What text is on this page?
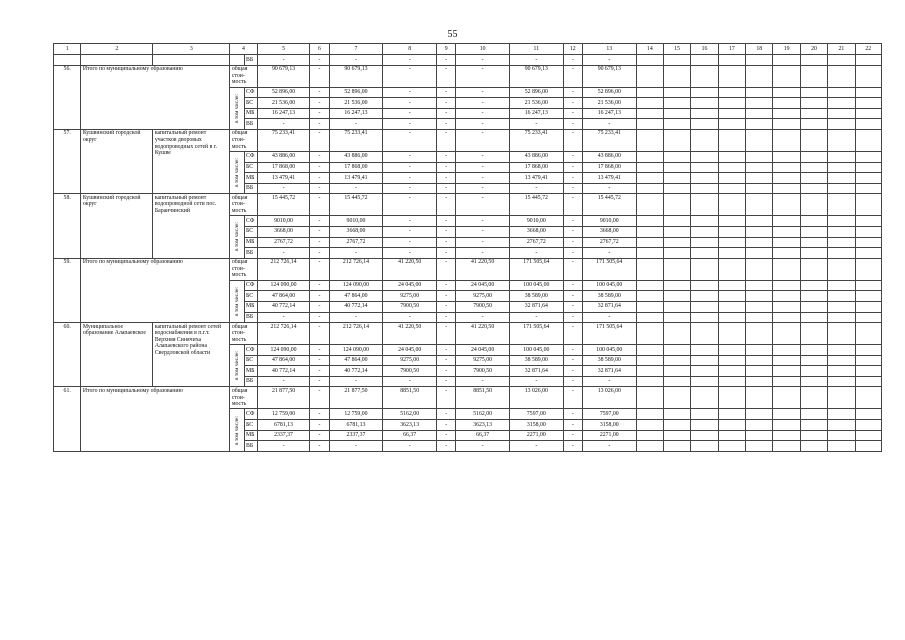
55
1	2	3	4		5	6	7	8	9	10	11	12	13	14	15	16	17	18	19	20	21	22
				ВБ	-	-	-	-	-	-	-	-	-									
56.	Итого по муниципальному образованию		общая стои-мость		90 679,13	-	90 679,13	-	-	-	90 679,13	-	90 679,13									

			в том числе:	СФ	52 896,00	-	52 896,00	-	-	-	52 896,00	-	52 896,00									
				БС	21 536,00	-	21 536,00	-	-	-	21 536,00	-	21 536,00									
				МБ	16 247,13	-	16 247,13	-	-	-	16 247,13	-	16 247,13									
				ВБ	-	-	-	-	-	-	-	-	-									
57.	Кушвинский городской округ	капитальный ремонт участков дворовых водопроводных сетей в г. Кушве	общая стои-мость		75 233,41	-	75 233,41	-	-	-	75 233,41	-	75 233,41									

			в том числе:	СФ	43 886,00	-	43 886,00	-	-	-	43 886,00	-	43 886,00									
				БС	17 868,00	-	17 868,00	-	-	-	17 868,00	-	17 868,00									
				МБ	13 479,41	-	13 479,41	-	-	-	13 479,41	-	13 479,41									
				ВБ	-	-	-	-	-	-	-	-	-									
58.	Кушвинский городской округ	капитальный ремонт водопроводной сети пос. Баранчинский	общая стои-мость		15 445,72	-	15 445,72	-	-	-	15 445,72	-	15 445,72									

			в том числе:	СФ	9010,00	-	9010,00	-	-	-	9010,00	-	9010,00									
				БС	3668,00	-	3668,00	-	-	-	3668,00	-	3668,00									
				МБ	2767,72	-	2767,72	-	-	-	2767,72	-	2767,72									
				ВБ	-	-	-	-	-	-	-	-	-									
59.	Итого по муниципальному образованию		общая стои-мость		212 726,14	-	212 726,14	41 220,50	-	41 220,50	171 505,64	-	171 505,64									

			в том числе:	СФ	124 090,00	-	124 090,00	24 045,00	-	24 045,00	100 045,00	-	100 045,00									
				БС	47 864,00	-	47 864,00	9275,00	-	9275,00	38 589,00	-	38 589,00									
				МБ	40 772,14	-	40 772,14	7900,50	-	7900,50	32 871,64	-	32 871,64									
				ВБ	-	-	-	-	-	-	-	-	-									
60.	Муниципальное образование Алапаевское	капитальный ремонт сетей водоснабжения в п.г.т. Верхняя Синячиха Алапаевского района Свердловской области	общая стои-мость		212 726,14	-	212 726,14	41 220,50	-	41 220,50	171 505,64	-	171 505,64									

			в том числе:	СФ	124 090,00	-	124 090,00	24 045,00	-	24 045,00	100 045,00	-	100 045,00									
				БС	47 864,00	-	47 864,00	9275,00	-	9275,00	38 589,00	-	38 589,00									
				МБ	40 772,14	-	40 772,14	7900,50	-	7900,50	32 871,64	-	32 871,64									
				ВБ	-	-	-	-	-	-	-	-	-									
61.	Итого по муниципальному образованию		общая стои-мость		21 877,50	-	21 877,50	8851,50	-	8851,50	13 026,00	-	13 026,00									

			в том числе:	СФ	12 759,00	-	12 759,00	5162,00	-	5162,00	7597,00	-	7597,00									
				БС	6781,13	-	6781,13	3623,13	-	3623,13	3158,00	-	3158,00									
				МБ	2337,37	-	2337,37	66,37	-	66,37	2271,00	-	2271,00									
				ВБ	-	-	-	-	-	-	-	-	-									
